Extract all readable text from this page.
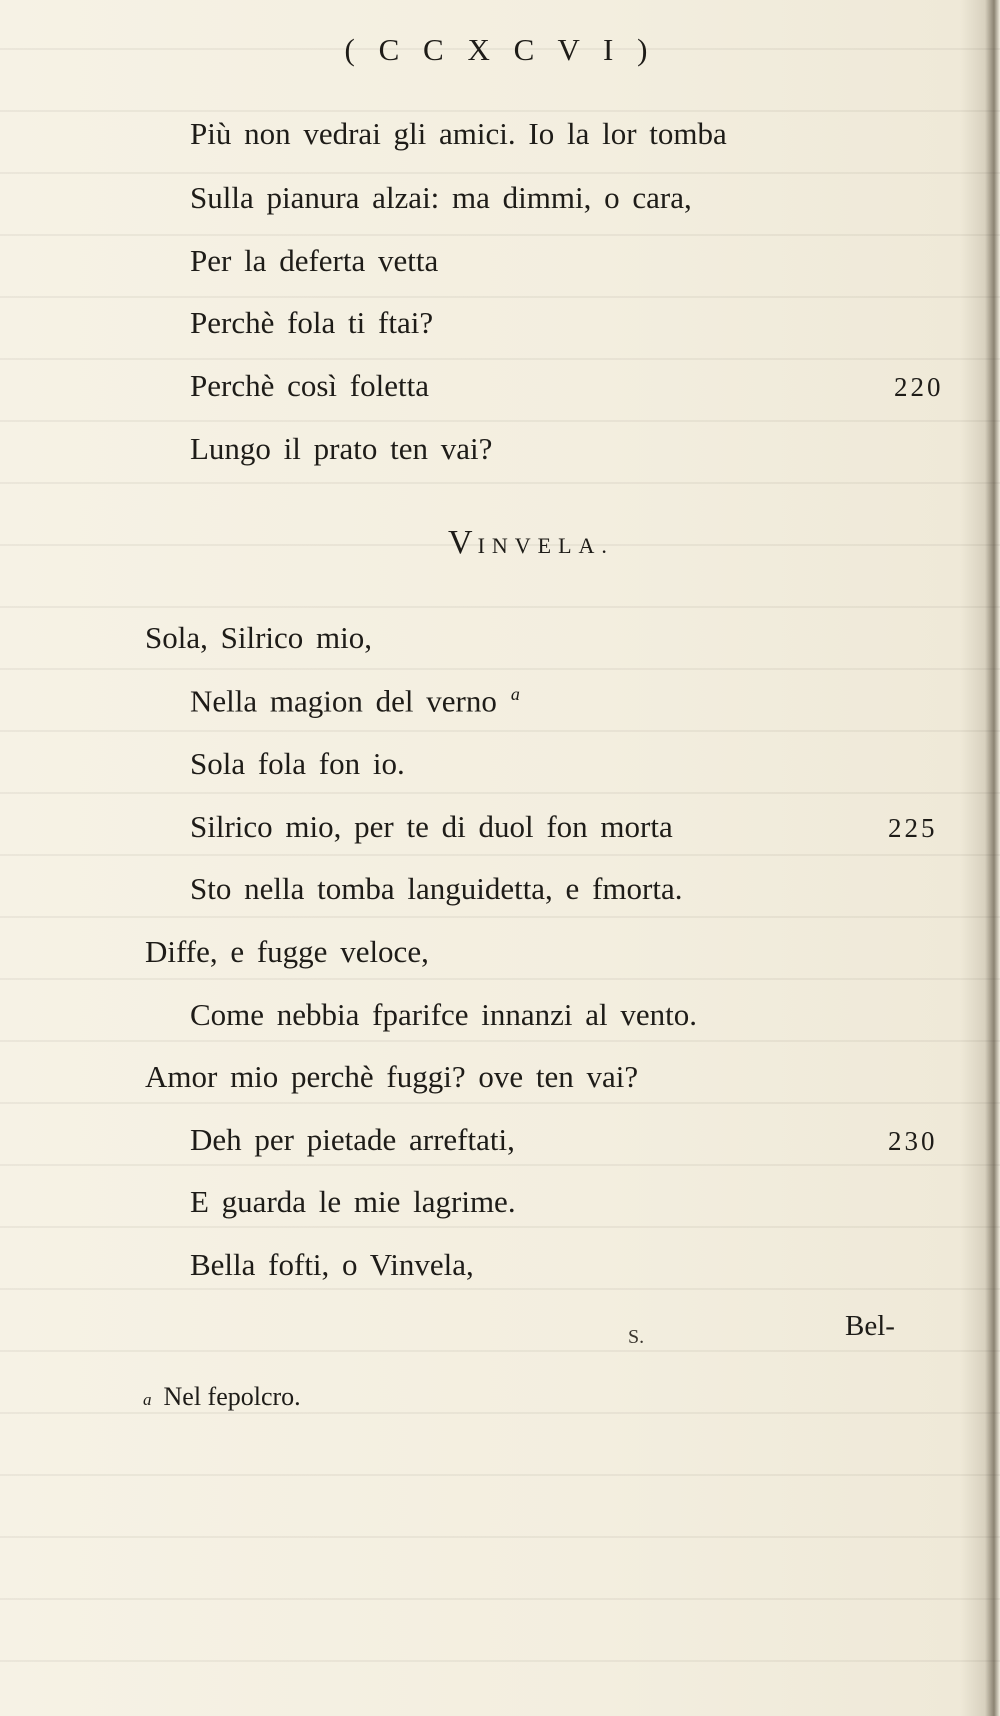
( C C X C V I )
Più non vedrai gli amici. Io la lor tomba
Sulla pianura alzai: ma dimmi, o cara,
Per la deferta vetta
Perchè fola ti ftai?
Perchè così foletta	220
Lungo il prato ten vai?
VINVELA.
Sola, Silrico mio,
Nella magion del verno $^a$
Sola fola fon io.
Silrico mio, per te di duol fon morta	225
Sto nella tomba languidetta, e fmorta.
Diffe, e fugge veloce,
Come nebbia fparifce innanzi al vento.
Amor mio perchè fuggi? ove ten vai?
Deh per pietade arreftati,	230
E guarda le mie lagrime.
Bella fofti, o Vinvela,
S.	Bel-
a Nel fepolcro.
